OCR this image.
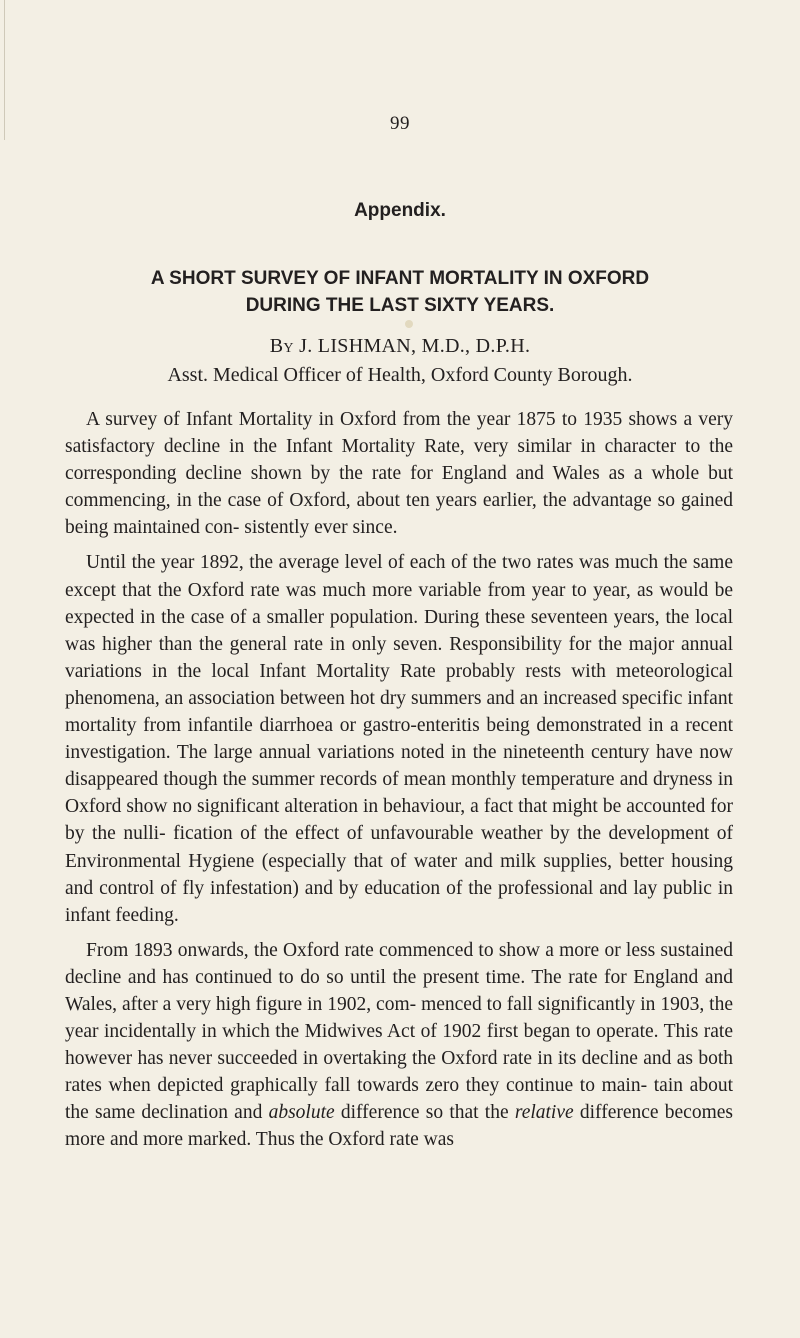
99
Appendix.
A SHORT SURVEY OF INFANT MORTALITY IN OXFORD
DURING THE LAST SIXTY YEARS.
By J. LISHMAN, M.D., D.P.H.
Asst. Medical Officer of Health, Oxford County Borough.

A survey of Infant Mortality in Oxford from the year 1875 to 1935 shows a very satisfactory decline in the Infant Mortality Rate, very similar in character to the corresponding decline shown by the rate for England and Wales as a whole but commencing, in the case of Oxford, about ten years earlier, the advantage so gained being maintained con- sistently ever since.

Until the year 1892, the average level of each of the two rates was much the same except that the Oxford rate was much more variable from year to year, as would be expected in the case of a smaller population. During these seventeen years, the local was higher than the general rate in only seven. Responsibility for the major annual variations in the local Infant Mortality Rate probably rests with meteorological phenomena, an association between hot dry summers and an increased specific infant mortality from infantile diarrhoea or gastro-enteritis being demonstrated in a recent investigation. The large annual variations noted in the nineteenth century have now disappeared though the summer records of mean monthly temperature and dryness in Oxford show no significant alteration in behaviour, a fact that might be accounted for by the nulli- fication of the effect of unfavourable weather by the development of Environmental Hygiene (especially that of water and milk supplies, better housing and control of fly infestation) and by education of the professional and lay public in infant feeding.

From 1893 onwards, the Oxford rate commenced to show a more or less sustained decline and has continued to do so until the present time. The rate for England and Wales, after a very high figure in 1902, com- menced to fall significantly in 1903, the year incidentally in which the Midwives Act of 1902 first began to operate. This rate however has never succeeded in overtaking the Oxford rate in its decline and as both rates when depicted graphically fall towards zero they continue to main- tain about the same declination and absolute difference so that the relative difference becomes more and more marked. Thus the Oxford rate was
